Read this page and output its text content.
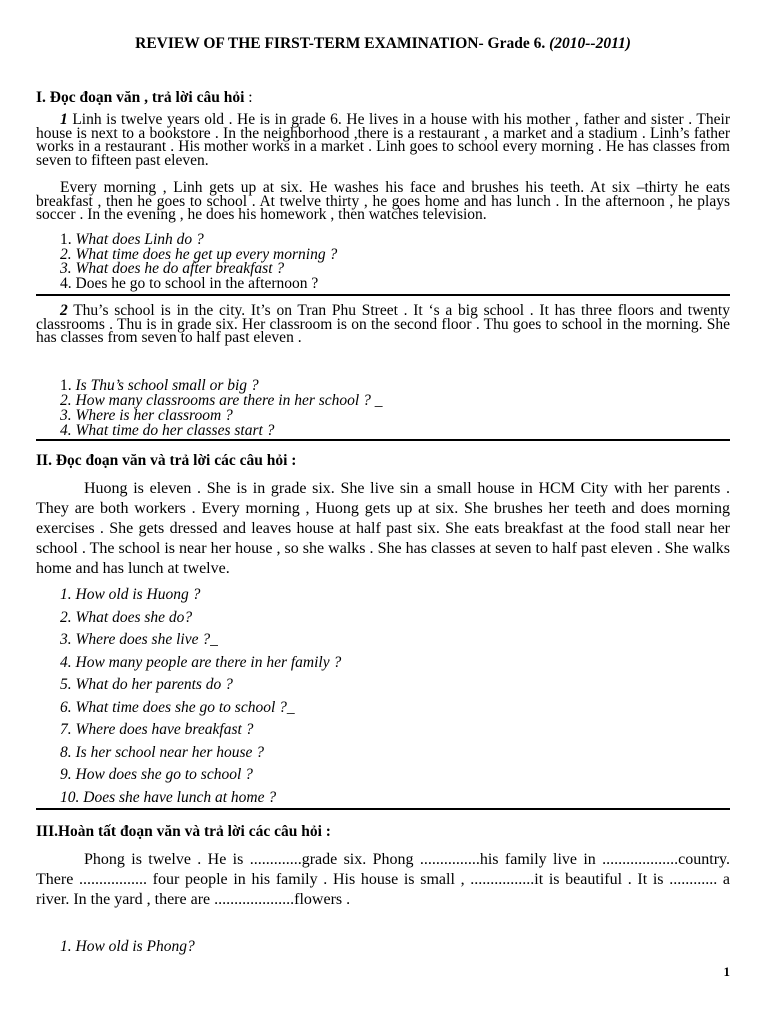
REVIEW OF THE FIRST-TERM EXAMINATION- Grade 6. (2010--2011)
I. Đọc đoạn văn , trả lời câu hỏi :
1 Linh is twelve years old . He is in grade 6. He lives in a house with his mother , father and sister . Their house is next to a bookstore . In the neighborhood ,there is a restaurant , a market and a stadium . Linh’s father works in a restaurant . His mother works in a market . Linh goes to school every morning . He has classes from seven to fifteen past eleven.
Every morning , Linh gets up at six. He washes his face and brushes his teeth. At six –thirty he eats breakfast , then he goes to school . At twelve thirty , he goes home and has lunch . In the afternoon , he plays soccer . In the evening , he does his homework , then watches television.
1. What does Linh do ?
2. What time does he get up every morning ?
3. What does he do after breakfast ?
4. Does he go to school in the afternoon ?
2 Thu’s school is in the city. It’s on Tran Phu Street . It ‘s a big school . It has three floors and twenty classrooms . Thu is in grade six. Her classroom is on the second floor . Thu goes to school in the morning. She has classes from seven to half past eleven .
1. Is Thu’s school small or big ?
2. How many classrooms are there in her school ? _
3. Where is her classroom ?
4. What time do her classes start ?
II. Đọc đoạn văn và trả lời các câu hỏi :
Huong is eleven . She is in grade six. She live sin a small house in HCM City with her parents . They are both workers . Every morning , Huong gets up at six. She brushes her teeth and does morning exercises . She gets dressed and leaves house at half past six. She eats breakfast at the food stall near her school . The school is near her house , so she walks . She has classes at seven to half past eleven . She walks home and has lunch at twelve.
1. How old is Huong ?
2. What does she do?
3. Where does she live ?_
4. How many people are there in her family ?
5. What do her parents do ?
6. What time does she go to school ?_
7. Where does have breakfast ?
8. Is her school near her house ?
9. How does she go to school ?
10. Does she have lunch at home ?
III.Hoàn tất đoạn văn và trả lời các câu hỏi :
Phong is twelve . He is .............grade six. Phong ...............his family live in ...................country. There ................. four people in his family . His house is small , ................it is beautiful . It is ............ a river. In the yard , there are ....................flowers .
1. How old is Phong?
1
